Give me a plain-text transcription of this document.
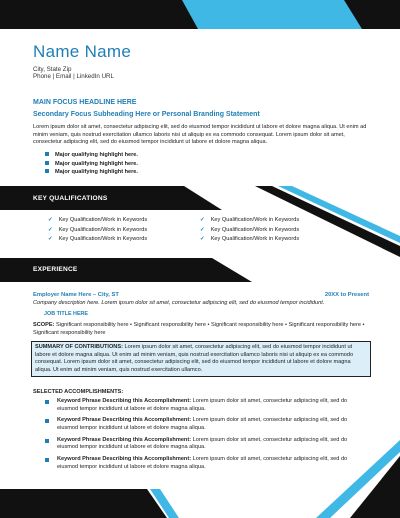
Name Name
City, State Zip
Phone | Email | LinkedIn URL
MAIN FOCUS HEADLINE HERE
Secondary Focus Subheading Here or Personal Branding Statement
Lorem ipsum dolor sit amet, consectetur adipiscing elit, sed do eiusmod tempor incididunt ut labore et dolore magna aliqua. Ut enim ad minim veniam, quis nostrud exercitation ullamco laboris nisi ut aliquip ex ea commodo consequat. Lorem ipsum dolor sit amet, consectetur adipiscing elit, sed do eiusmod tempor incididunt ut labore et dolore magna aliqua.
Major qualifying highlight here.
Major qualifying highlight here.
Major qualifying highlight here.
KEY QUALIFICATIONS
✓ Key Qualification/Work in Keywords
✓ Key Qualification/Work in Keywords
✓ Key Qualification/Work in Keywords
✓ Key Qualification/Work in Keywords
✓ Key Qualification/Work in Keywords
✓ Key Qualification/Work in Keywords
EXPERIENCE
Employer Name Here – City, ST	20XX to Present
Company description here. Lorem ipsum dolor sit amet, consectetur adipiscing elit, sed do eiusmod tempor incididunt.
JOB TITLE HERE
SCOPE: Significant responsibility here • Significant responsibility here • Significant responsibility here • Significant responsibility here • Significant responsibility here
SUMMARY OF CONTRIBUTIONS: Lorem ipsum dolor sit amet, consectetur adipiscing elit, sed do eiusmod tempor incididunt ut labore et dolore magna aliqua. Ut enim ad minim veniam, quis nostrud exercitation ullamco laboris nisi ut aliquip ex ea commodo consequat. Lorem ipsum dolor sit amet, consectetur adipiscing elit, sed do eiusmod tempor incididunt ut labore et dolore magna aliqua. Ut enim ad minim veniam, quis nostrud exercitation ullamco.
SELECTED ACCOMPLISHMENTS:
Keyword Phrase Describing this Accomplishment: Lorem ipsum dolor sit amet, consectetur adipiscing elit, sed do eiusmod tempor incididunt ut labore et dolore magna aliqua.
Keyword Phrase Describing this Accomplishment: Lorem ipsum dolor sit amet, consectetur adipiscing elit, sed do eiusmod tempor incididunt ut labore et dolore magna aliqua.
Keyword Phrase Describing this Accomplishment: Lorem ipsum dolor sit amet, consectetur adipiscing elit, sed do eiusmod tempor incididunt ut labore et dolore magna aliqua.
Keyword Phrase Describing this Accomplishment: Lorem ipsum dolor sit amet, consectetur adipiscing elit, sed do eiusmod tempor incididunt ut labore et dolore magna aliqua.
